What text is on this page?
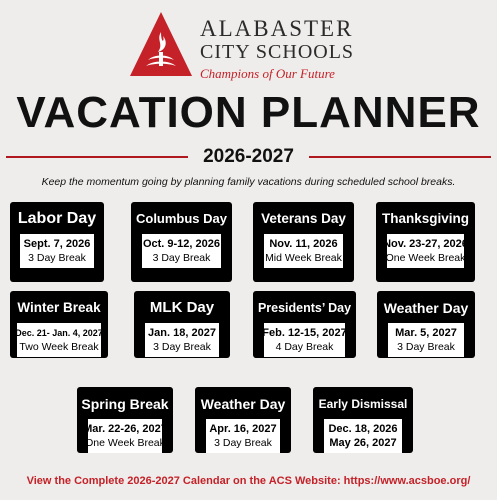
ALABASTER
CITY SCHOOLS
Champions of Our Future
VACATION PLANNER
2026-2027
Keep the momentum going by planning family vacations during scheduled school breaks.
Labor Day
Sept. 7, 2026
3 Day Break
Columbus Day
Oct. 9-12, 2026
3 Day Break
Veterans Day
Nov. 11, 2026
Mid Week Break
Thanksgiving
Nov. 23-27, 2026
One Week Break
Winter Break
Dec. 21- Jan. 4, 2027
Two Week Break
MLK Day
Jan. 18, 2027
3 Day Break
Presidents’ Day
Feb. 12-15, 2027
4 Day Break
Weather Day
Mar. 5, 2027
3 Day Break
Spring Break
Mar. 22-26, 2027
One Week Break
Weather Day
Apr. 16, 2027
3 Day Break
Early Dismissal
Dec. 18, 2026
May 26, 2027
View the Complete 2026-2027 Calendar on the ACS Website: https://www.acsboe.org/
